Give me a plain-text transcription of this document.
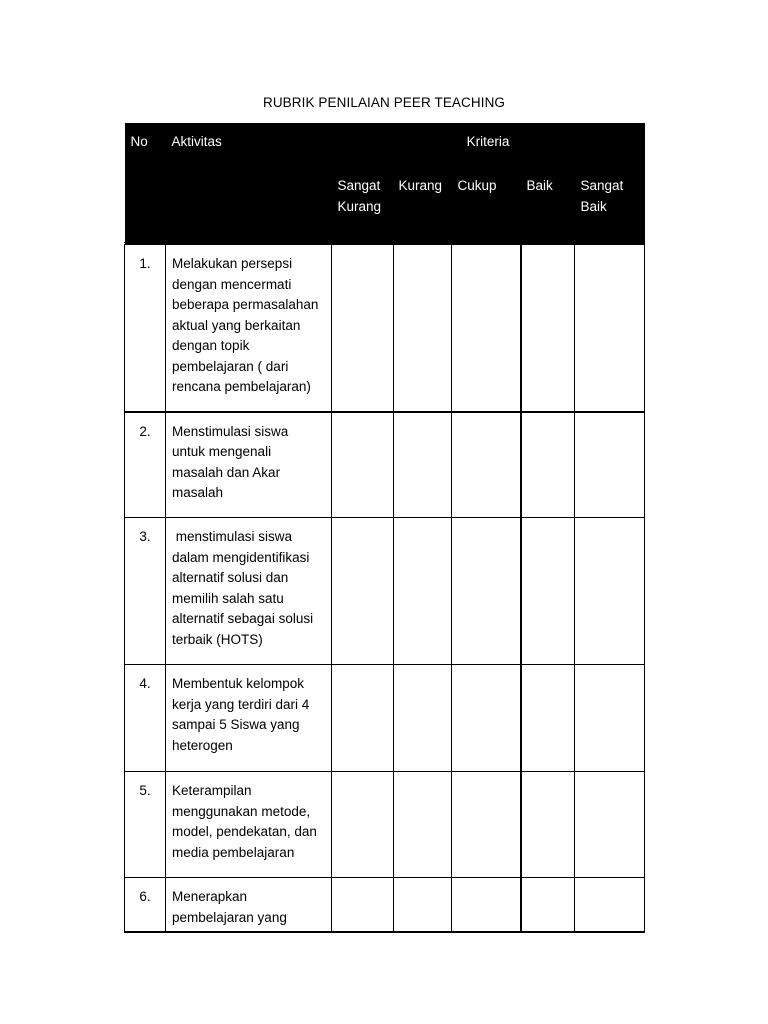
RUBRIK PENILAIAN PEER TEACHING
No	Aktivitas	Kriteria				
		Sangat Kurang	Kurang	Cukup	Baik	Sangat Baik
1.	Melakukan persepsi dengan mencermati beberapa permasalahan aktual yang berkaitan dengan topik pembelajaran ( dari rencana pembelajaran)					
2.	Menstimulasi siswa untuk mengenali masalah dan Akar masalah					
3.	menstimulasi siswa dalam mengidentifikasi alternatif solusi dan memilih salah satu alternatif sebagai solusi terbaik (HOTS)					
4.	Membentuk kelompok kerja yang terdiri dari 4 sampai 5 Siswa yang heterogen					
5.	Keterampilan menggunakan metode, model, pendekatan, dan media pembelajaran					
6.	Menerapkan pembelajaran yang					
